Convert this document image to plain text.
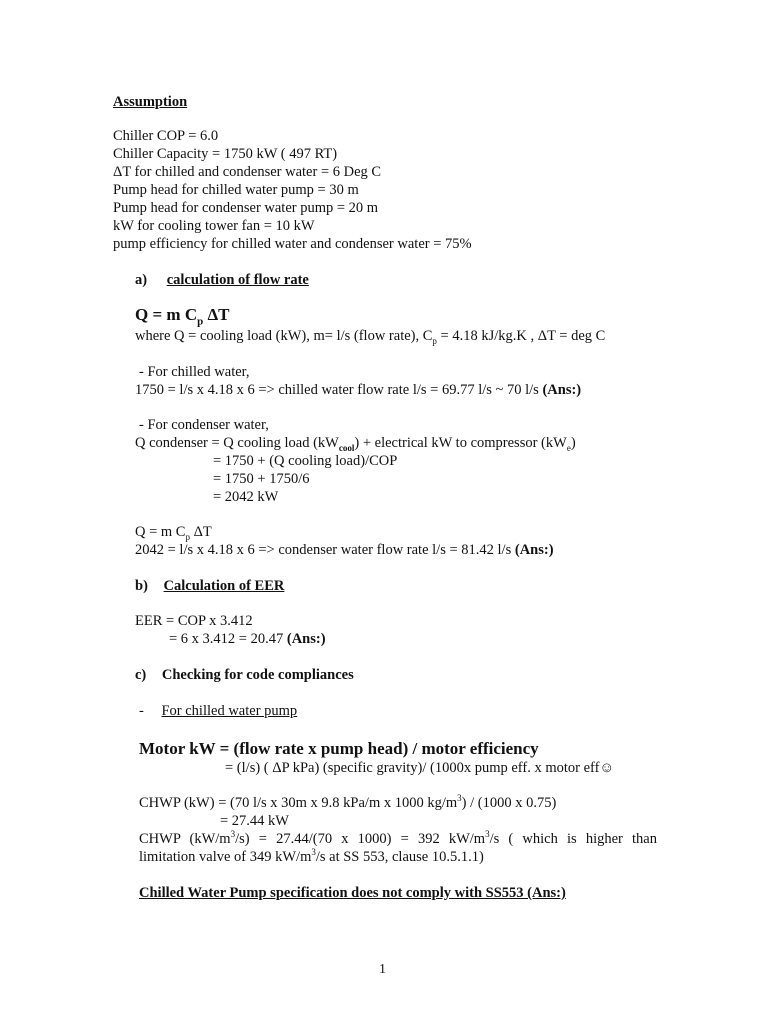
Assumption
Chiller COP = 6.0
Chiller Capacity = 1750 kW ( 497 RT)
ΔT for chilled and condenser water = 6 Deg C
Pump head for chilled water pump = 30 m
Pump head for condenser water pump = 20 m
kW for cooling tower fan = 10 kW
pump efficiency for chilled water and condenser water = 75%
a) calculation of flow rate
Q = m $C_p$ ΔT
where Q = cooling load (kW), m= l/s (flow rate), $C_p = 4.18$ kJ/kg.K , ΔT = deg C
- For chilled water,
1750 = l/s x 4.18 x 6 => chilled water flow rate l/s = 69.77 l/s ~ 70 l/s (Ans:)
- For condenser water,
Q condenser = Q cooling load $(kW_{cool})$ + electrical kW to compressor $(kW_e)$
= 1750 + (Q cooling load)/COP
= 1750 + 1750/6
= 2042 kW
Q = m $C_p$ ΔT
2042 = l/s x 4.18 x 6 => condenser water flow rate l/s = 81.42 l/s (Ans:)
b) Calculation of EER
EER = COP x 3.412
= 6 x 3.412 = 20.47 (Ans:)
c) Checking for code compliances
- For chilled water pump
Motor kW = (flow rate x pump head) / motor efficiency
= (l/s) ( ΔP kPa) (specific gravity)/ (1000x pump eff. x motor eff☺
CHWP (kW) = (70 l/s x 30m x 9.8 kPa/m x 1000 $kg/m^3) / (1000$ x 0.75)
= 27.44 kW
CHWP $(kW/m^3/s) = 27.44/(70$ x 1000) = 392 $kW/m^3/s$ ( which is higher than
limitation valve of 349 $kW/m^3/s$ at SS 553, clause 10.5.1.1)
Chilled Water Pump specification does not comply with SS553 (Ans:)
1
